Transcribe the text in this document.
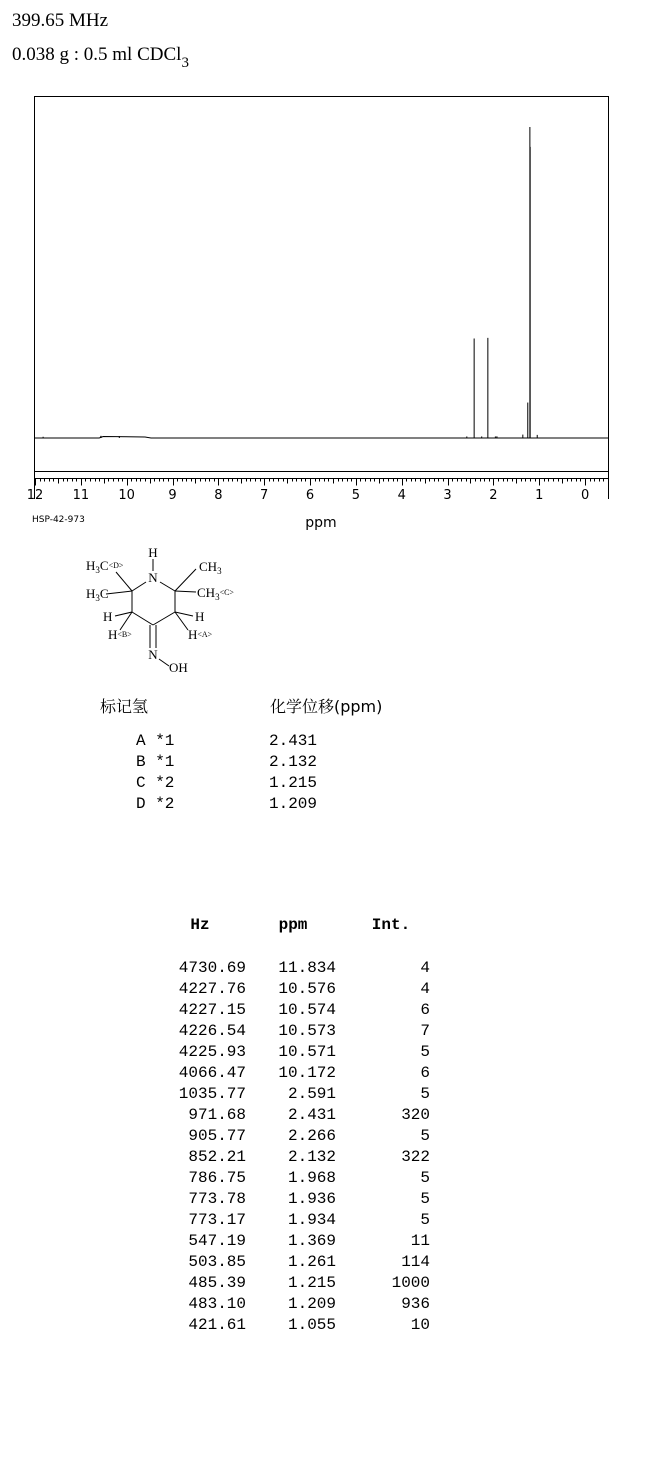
399.65 MHz
0.038 g : 0.5 ml CDCl$_3$
12 11 10	9	8	7	6	5	4	3	2	1	0
ppm
HSP-42-973
H
N
H3C<D>	CH3
H3C	$CH3^{<C>}$
H	H
H<B>	H<A>
N
OH
标记氢	化学位移(ppm)
A *1	2.431
B *1	2.132
C *2	1.215
D *2	1.209
Hz	ppm	Int.

4730.69	11.834	4
4227.76	10.576	4
4227.15	10.574	6
4226.54	10.573	7
4225.93	10.571	5
4066.47	10.172	6
1035.77	2.591	5
971.68	2.431	320
905.77	2.266	5
852.21	2.132	322
786.75	1.968	5
773.78	1.936	5
773.17	1.934	5
547.19	1.369	11
503.85	1.261	114
485.39	1.215	1000
483.10	1.209	936
421.61	1.055	10
